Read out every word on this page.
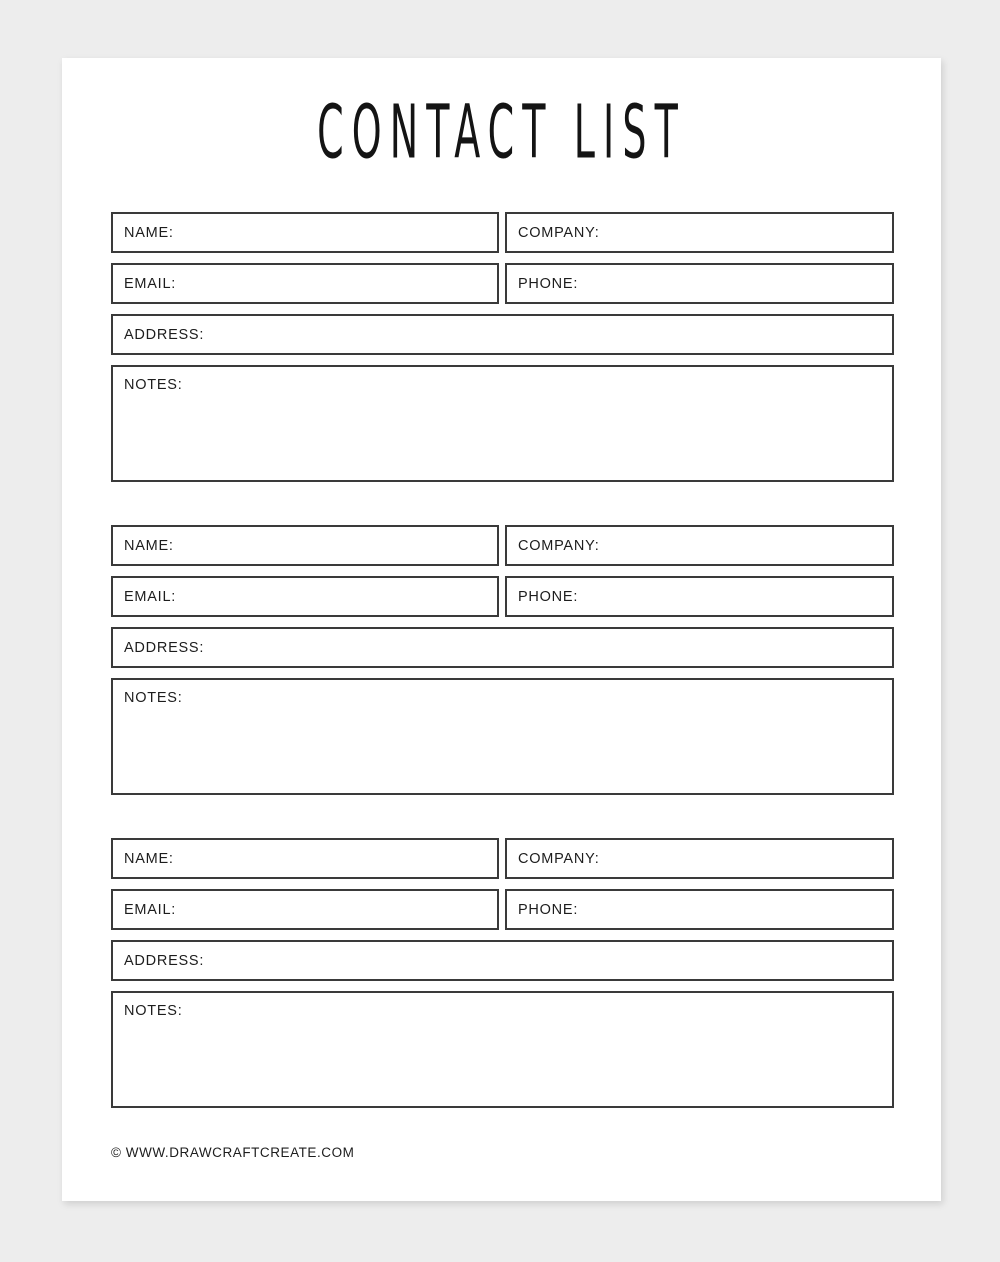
CONTACT LIST
NAME:	COMPANY:
EMAIL:	PHONE:
ADDRESS:
NOTES:
NAME:	COMPANY:
EMAIL:	PHONE:
ADDRESS:
NOTES:
NAME:	COMPANY:
EMAIL:	PHONE:
ADDRESS:
NOTES:
© WWW.DRAWCRAFTCREATE.COM
